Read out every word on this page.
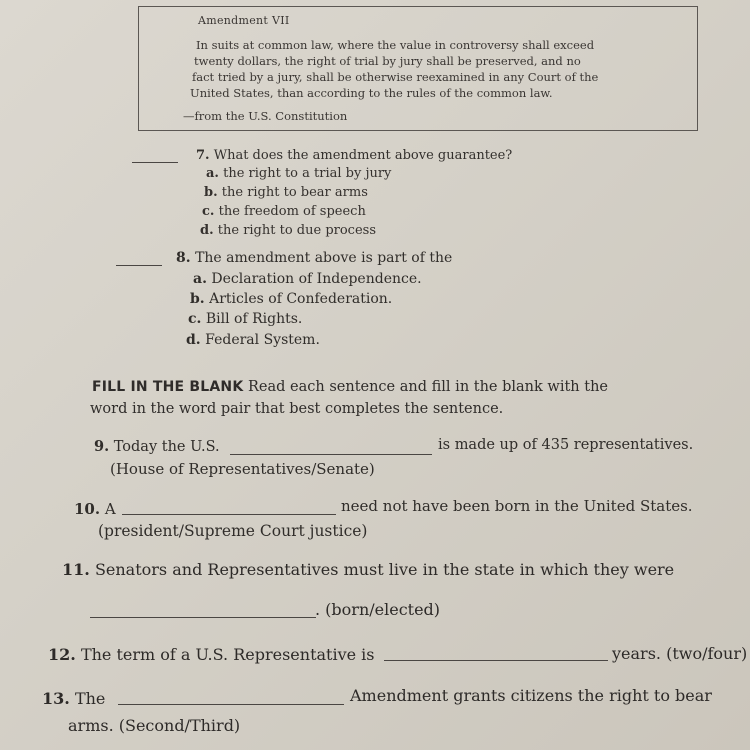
Amendment VII
In suits at common law, where the value in controversy shall exceed
twenty dollars, the right of trial by jury shall be preserved, and no
fact tried by a jury, shall be otherwise reexamined in any Court of the
United States, than according to the rules of the common law.
—from the U.S. Constitution
7. What does the amendment above guarantee?
a. the right to a trial by jury
b. the right to bear arms
c. the freedom of speech
d. the right to due process
8. The amendment above is part of the
a. Declaration of Independence.
b. Articles of Confederation.
c. Bill of Rights.
d. Federal System.
FILL IN THE BLANK Read each sentence and fill in the blank with the
word in the word pair that best completes the sentence.
9. Today the U.S.	is made up of 435 representatives.
(House of Representatives/Senate)
10. A	need not have been born in the United States.
(president/Supreme Court justice)
11. Senators and Representatives must live in the state in which they were
. (born/elected)
12. The term of a U.S. Representative is	years. (two/four)
13. The	Amendment grants citizens the right to bear
arms. (Second/Third)
